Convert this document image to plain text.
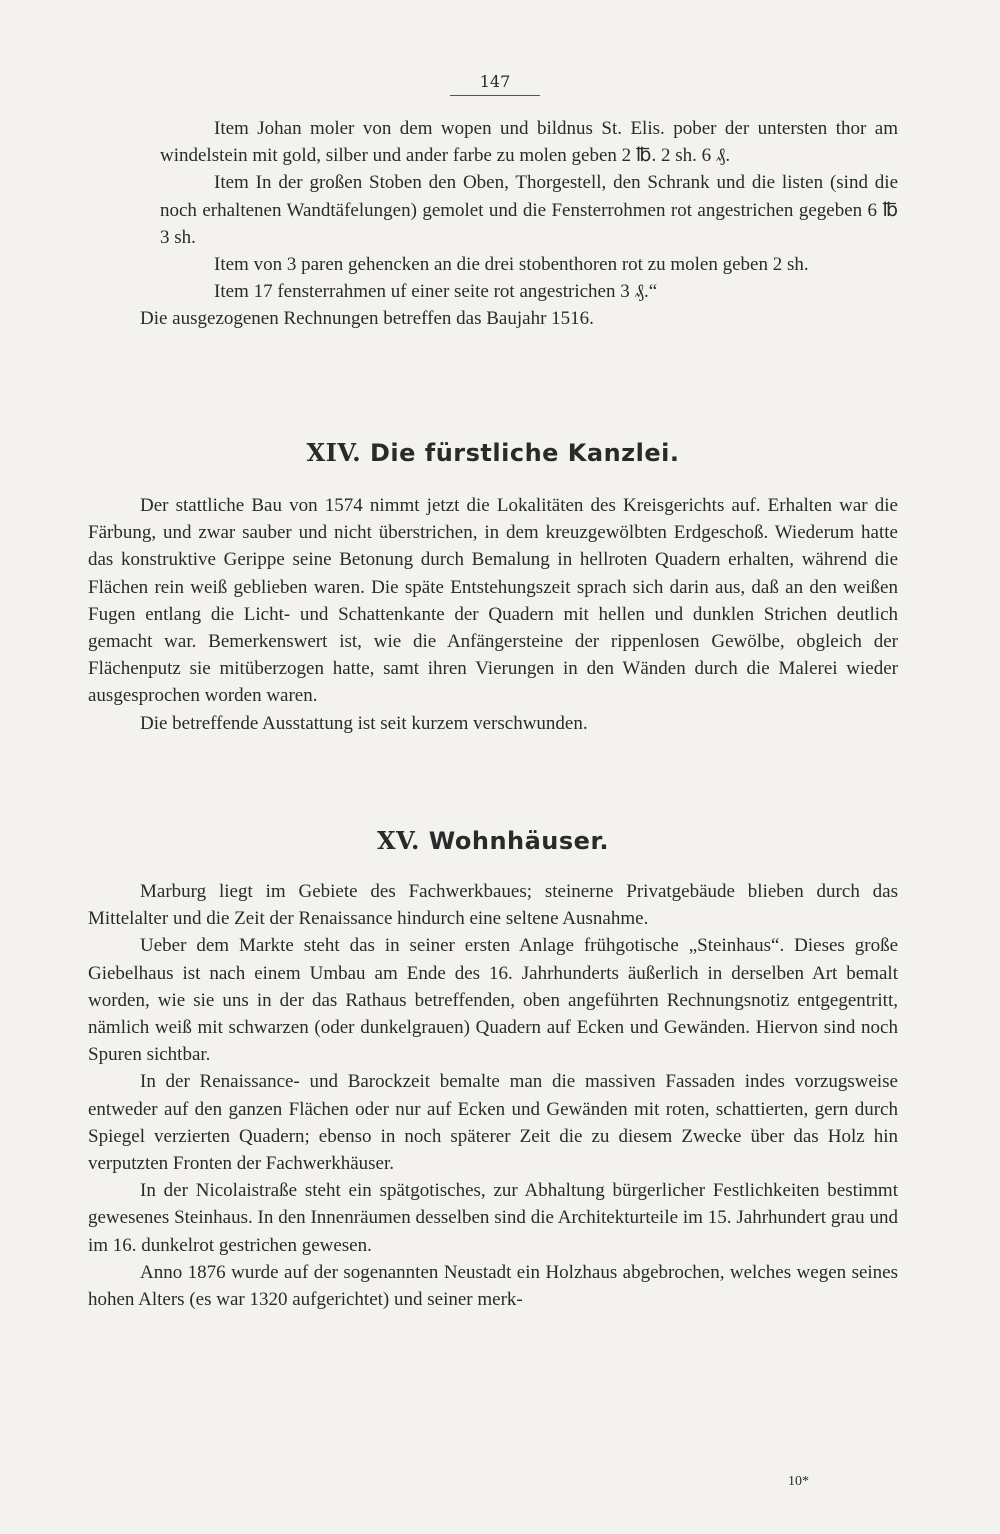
147

Item Johan moler von dem wopen und bildnus St. Elis. pober der untersten thor am windelstein mit gold, silber und ander farbe zu molen geben 2 ℔. 2 sh. 6 ₰.

Item In der großen Stoben den Oben, Thorgestell, den Schrank und die listen (sind die noch erhaltenen Wandtäfelungen) gemolet und die Fensterrohmen rot angestrichen gegeben 6 ℔ 3 sh.

Item von 3 paren gehencken an die drei stobenthoren rot zu molen geben 2 sh.

Item 17 fensterrahmen uf einer seite rot angestrichen 3 ₰.“

Die ausgezogenen Rechnungen betreffen das Baujahr 1516.

XIV. Die fürstliche Kanzlei.

Der stattliche Bau von 1574 nimmt jetzt die Lokalitäten des Kreisgerichts auf. Erhalten war die Färbung, und zwar sauber und nicht überstrichen, in dem kreuzgewölbten Erdgeschoß. Wiederum hatte das konstruktive Gerippe seine Betonung durch Bemalung in hellroten Quadern erhalten, während die Flächen rein weiß geblieben waren. Die späte Entstehungszeit sprach sich darin aus, daß an den weißen Fugen entlang die Licht- und Schattenkante der Quadern mit hellen und dunklen Strichen deutlich gemacht war. Bemerkenswert ist, wie die Anfängersteine der rippenlosen Gewölbe, obgleich der Flächenputz sie mitüberzogen hatte, samt ihren Vierungen in den Wänden durch die Malerei wieder ausgesprochen worden waren.

Die betreffende Ausstattung ist seit kurzem verschwunden.

XV. Wohnhäuser.

Marburg liegt im Gebiete des Fachwerkbaues; steinerne Privatgebäude blieben durch das Mittelalter und die Zeit der Renaissance hindurch eine seltene Ausnahme.

Ueber dem Markte steht das in seiner ersten Anlage frühgotische „Steinhaus“. Dieses große Giebelhaus ist nach einem Umbau am Ende des 16. Jahrhunderts äußerlich in derselben Art bemalt worden, wie sie uns in der das Rathaus betreffenden, oben angeführten Rechnungsnotiz entgegentritt, nämlich weiß mit schwarzen (oder dunkelgrauen) Quadern auf Ecken und Gewänden. Hiervon sind noch Spuren sichtbar.

In der Renaissance- und Barockzeit bemalte man die massiven Fassaden indes vorzugsweise entweder auf den ganzen Flächen oder nur auf Ecken und Gewänden mit roten, schattierten, gern durch Spiegel verzierten Quadern; ebenso in noch späterer Zeit die zu diesem Zwecke über das Holz hin verputzten Fronten der Fachwerkhäuser.

In der Nicolaistraße steht ein spätgotisches, zur Abhaltung bürgerlicher Festlichkeiten bestimmt gewesenes Steinhaus. In den Innenräumen desselben sind die Architekturteile im 15. Jahrhundert grau und im 16. dunkelrot gestrichen gewesen.

Anno 1876 wurde auf der sogenannten Neustadt ein Holzhaus abgebrochen, welches wegen seines hohen Alters (es war 1320 aufgerichtet) und seiner merk-

10*
